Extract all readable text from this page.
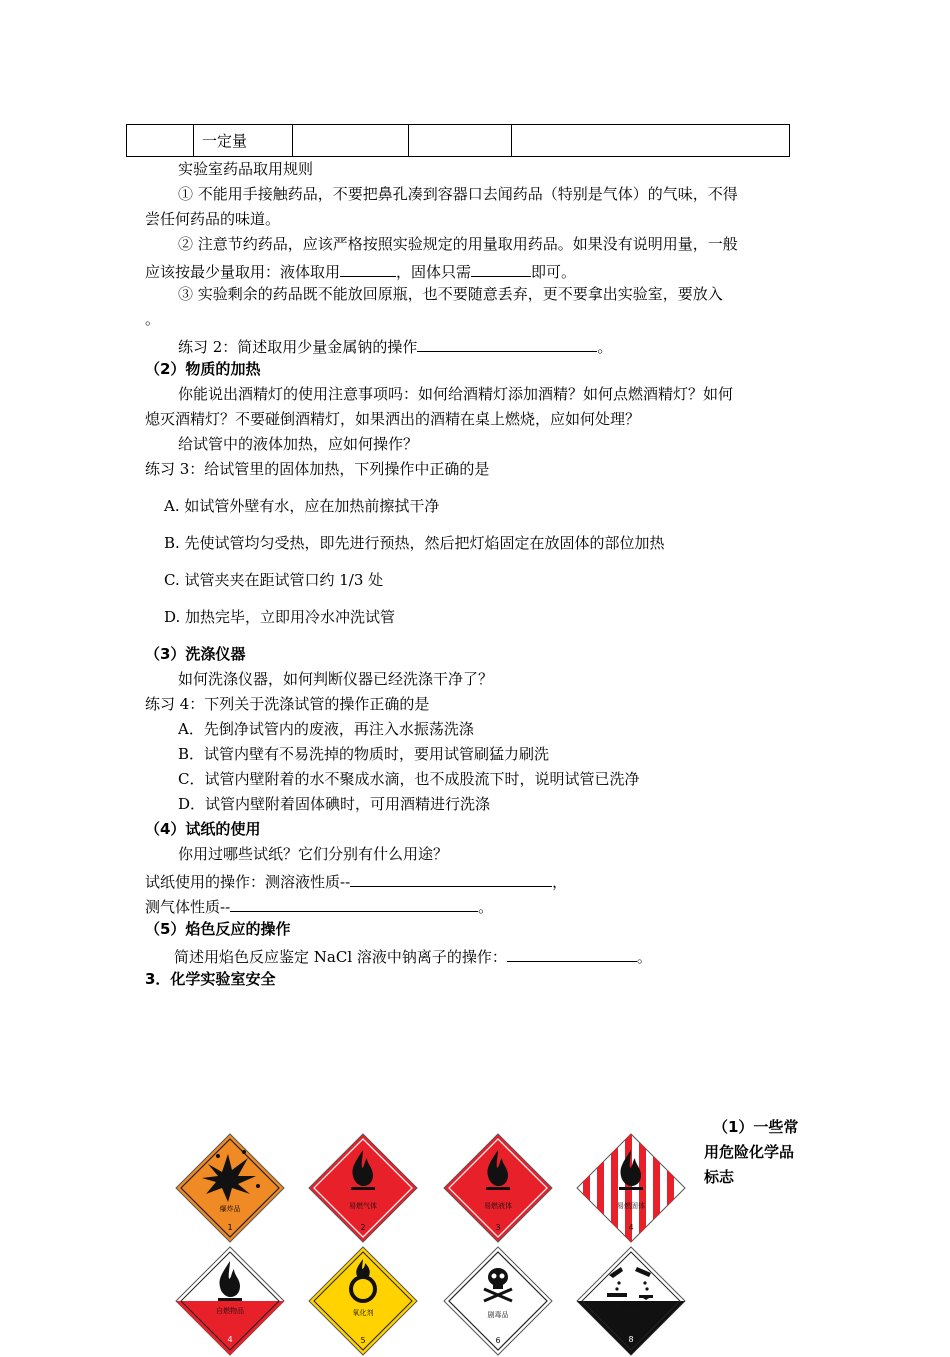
	一定量			
实验室药品取用规则
① 不能用手接触药品，不要把鼻孔凑到容器口去闻药品（特别是气体）的气味，不得
尝任何药品的味道。
② 注意节约药品，应该严格按照实验规定的用量取用药品。如果没有说明用量，一般
应该按最少量取用：液体取用	，固体只需	即可。
③ 实验剩余的药品既不能放回原瓶，也不要随意丢弃，更不要拿出实验室，要放入
。
练习 2：简述取用少量金属钠的操作	。
（2）物质的加热
你能说出酒精灯的使用注意事项吗：如何给酒精灯添加酒精？如何点燃酒精灯？如何
熄灭酒精灯？不要碰倒酒精灯，如果洒出的酒精在桌上燃烧，应如何处理？
给试管中的液体加热，应如何操作？
练习 3：给试管里的固体加热，下列操作中正确的是
A. 如试管外壁有水，应在加热前擦拭干净
B. 先使试管均匀受热，即先进行预热，然后把灯焰固定在放固体的部位加热
C. 试管夹夹在距试管口约 1/3 处
D. 加热完毕，立即用冷水冲洗试管
（3）洗涤仪器
如何洗涤仪器，如何判断仪器已经洗涤干净了？
练习 4：下列关于洗涤试管的操作正确的是
A．先倒净试管内的废液，再注入水振荡洗涤
B．试管内壁有不易洗掉的物质时，要用试管刷猛力刷洗
C．试管内壁附着的水不聚成水滴，也不成股流下时，说明试管已洗净
D．试管内壁附着固体碘时，可用酒精进行洗涤
（4）试纸的使用
你用过哪些试纸？它们分别有什么用途？
试纸使用的操作：测溶液性质--	，
测气体性质--	。
（5）焰色反应的操作
简述用焰色反应鉴定 NaCl 溶液中钠离子的操作：	。
3．化学实验室安全
（1）一些常
用危险化学品
标志
爆炸品
1
易燃气体
2
易燃液体
3
易燃固体
4
自燃物品
4
氧化剂
5
剧毒品
6
腐蚀品
8
